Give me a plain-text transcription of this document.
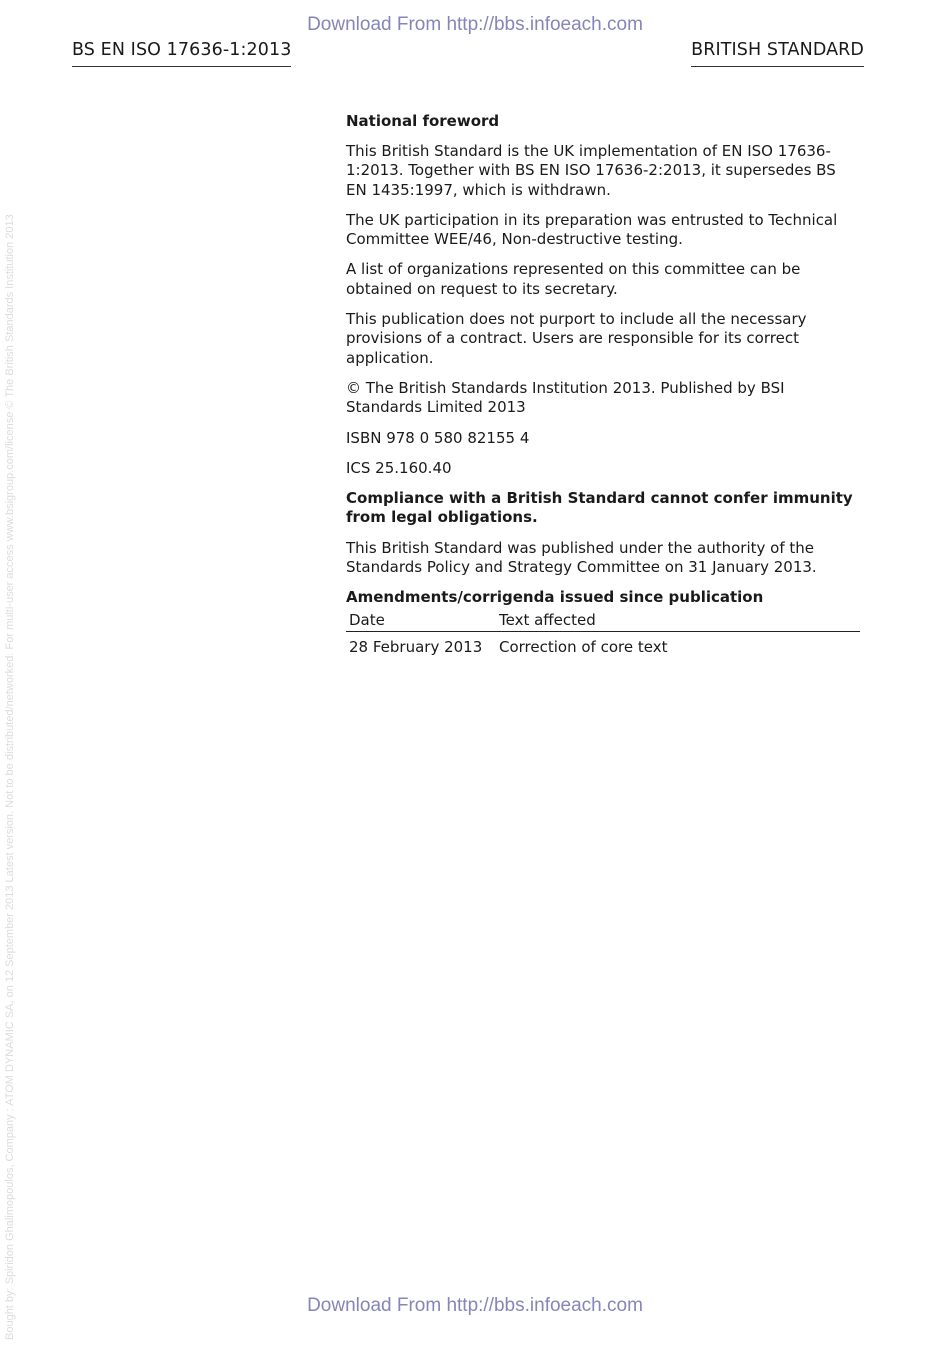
Download From http://bbs.infoeach.com
BS EN ISO 17636-1:2013	BRITISH STANDARD
Bought by: Spiridon Ghalimopoulos, Company : ATOM DYNAMIC SA, on 12 September 2013 Latest version. Not to be distributed/networked. For multi-user access www.bsigroup.com/license © The British Standards Institution 2013
National foreword

This British Standard is the UK implementation of EN ISO 17636-1:2013. Together with BS EN ISO 17636-2:2013, it supersedes BS EN 1435:1997, which is withdrawn.

The UK participation in its preparation was entrusted to Technical Committee WEE/46, Non-destructive testing.

A list of organizations represented on this committee can be obtained on request to its secretary.

This publication does not purport to include all the necessary provisions of a contract. Users are responsible for its correct application.

© The British Standards Institution 2013. Published by BSI Standards Limited 2013

ISBN 978 0 580 82155 4

ICS 25.160.40

Compliance with a British Standard cannot confer immunity from legal obligations.

This British Standard was published under the authority of the Standards Policy and Strategy Committee on 31 January 2013.

Amendments/corrigenda issued since publication
Date	Text affected
28 February 2013	Correction of core text
Download From http://bbs.infoeach.com
